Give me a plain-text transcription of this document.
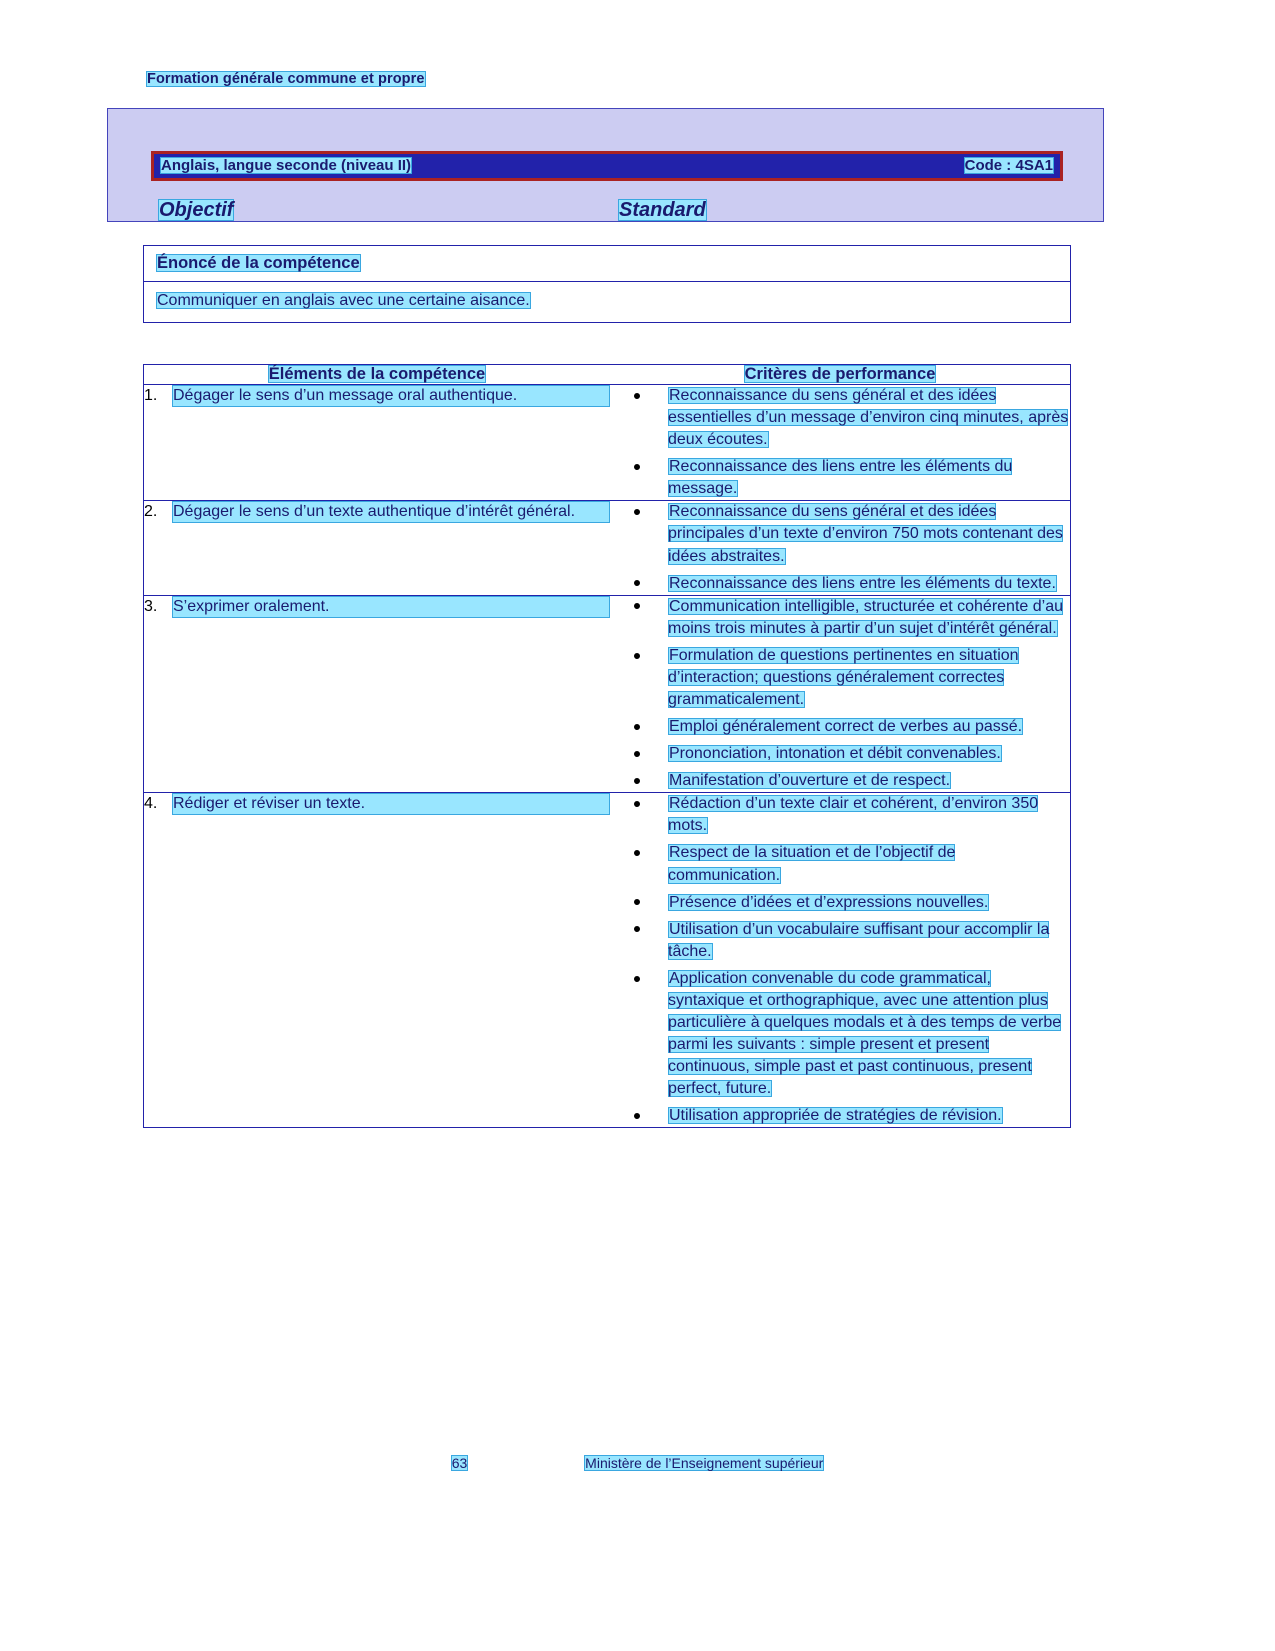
Formation générale commune et propre
Anglais, langue seconde (niveau II)	Code : 4SA1
Objectif	Standard
Énoncé de la compétence
Communiquer en anglais avec une certaine aisance.
Éléments de la compétence	Critères de performance

1. Dégager le sens d’un message oral authentique.	Reconnaissance du sens général et des idées essentielles d’un message d’environ cinq minutes, après deux écoutes.
Reconnaissance des liens entre les éléments du message.

2. Dégager le sens d’un texte authentique d’intérêt général.	Reconnaissance du sens général et des idées principales d’un texte d’environ 750 mots contenant des idées abstraites.
Reconnaissance des liens entre les éléments du texte.

3. S’exprimer oralement.	Communication intelligible, structurée et cohérente d’au moins trois minutes à partir d’un sujet d’intérêt général.
Formulation de questions pertinentes en situation d’interaction; questions généralement correctes grammaticalement.
Emploi généralement correct de verbes au passé.
Prononciation, intonation et débit convenables.
Manifestation d’ouverture et de respect.

4. Rédiger et réviser un texte.	Rédaction d’un texte clair et cohérent, d’environ 350 mots.
Respect de la situation et de l’objectif de communication.
Présence d’idées et d’expressions nouvelles.
Utilisation d’un vocabulaire suffisant pour accomplir la tâche.
Application convenable du code grammatical, syntaxique et orthographique, avec une attention plus particulière à quelques modals et à des temps de verbe parmi les suivants : simple present et present continuous, simple past et past continuous, present perfect, future.
Utilisation appropriée de stratégies de révision.
63	Ministère de l’Enseignement supérieur
